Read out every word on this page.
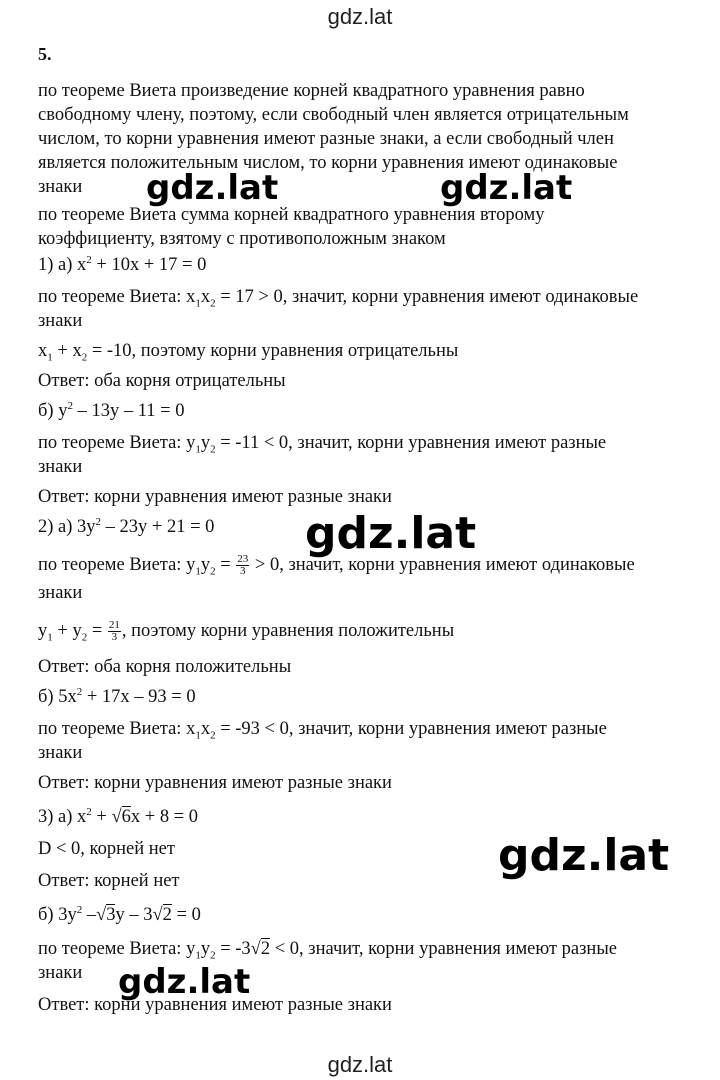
gdz.lat
5.
по теореме Виета произведение корней квадратного уравнения равно
свободному члену, поэтому, если свободный член является отрицательным
числом, то корни уравнения имеют разные знаки, а если свободный член
является положительным числом, то корни уравнения имеют одинаковые
знаки
по теореме Виета сумма корней квадратного уравнения второму
коэффициенту, взятому с противоположным знаком
1) а) $x^2 + 10x + 17 = 0$
по теореме Виета: $x_1x_2 = 17 > 0$, значит, корни уравнения имеют одинаковые
знаки
$x_1 + x_2 = -10$, поэтому корни уравнения отрицательны
Ответ: оба корня отрицательны
б) $y^2 - 13y - 11 = 0$
по теореме Виета: $y_1y_2 = -11 < 0$, значит, корни уравнения имеют разные
знаки
Ответ: корни уравнения имеют разные знаки
2) а) $3y^2 - 23y + 21 = 0$
по теореме Виета: $y_1y_2 = \frac{23}{3} > 0$, значит, корни уравнения имеют одинаковые
знаки
$y_1 + y_2 = \frac{21}{3}$ , поэтому корни уравнения положительны
Ответ: оба корня положительны
б) $5x^2 + 17x - 93 = 0$
по теореме Виета: $x_1x_2 = -93 < 0$, значит, корни уравнения имеют разные
знаки
Ответ: корни уравнения имеют разные знаки
3) а) $x^2 + √6x + 8 = 0$
D < 0, корней нет
Ответ: корней нет
б) $3y^2$ –√3y – 3√2 = 0
по теореме Виета: $y_1y_2 = -3√2 < 0$, значит, корни уравнения имеют разные
знаки
Ответ: корни уравнения имеют разные знаки
gdz.lat	gdz.lat
gdz.lat
gdz.lat
gdz.lat
gdz.lat
